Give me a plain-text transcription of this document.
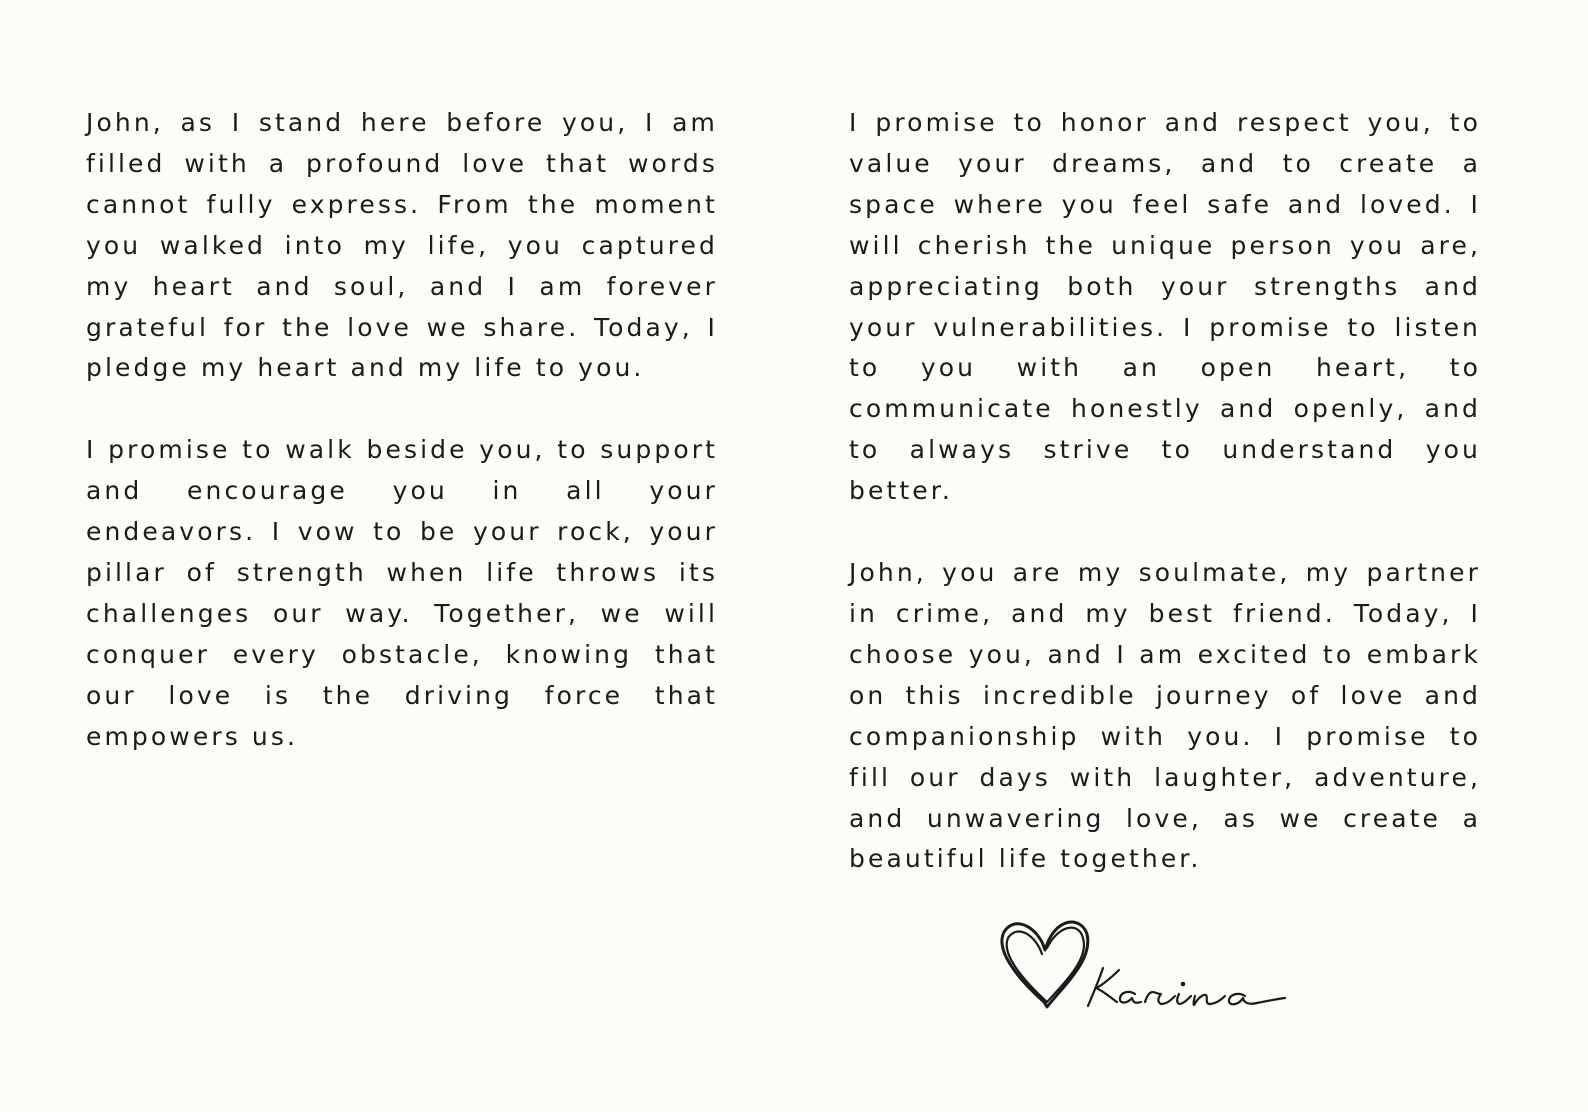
John, as I stand here before you, I am filled with a profound love that words cannot fully express. From the moment you walked into my life, you captured my heart and soul, and I am forever grateful for the love we share. Today, I pledge my heart and my life to you.

I promise to walk beside you, to support and encourage you in all your endeavors. I vow to be your rock, your pillar of strength when life throws its challenges our way. Together, we will conquer every obstacle, knowing that our love is the driving force that empowers us.

I promise to honor and respect you, to value your dreams, and to create a space where you feel safe and loved. I will cherish the unique person you are, appreciating both your strengths and your vulnerabilities. I promise to listen to you with an open heart, to communicate honestly and openly, and to always strive to understand you better.

John, you are my soulmate, my partner in crime, and my best friend. Today, I choose you, and I am excited to embark on this incredible journey of love and companionship with you. I promise to fill our days with laughter, adventure, and unwavering love, as we create a beautiful life together.
